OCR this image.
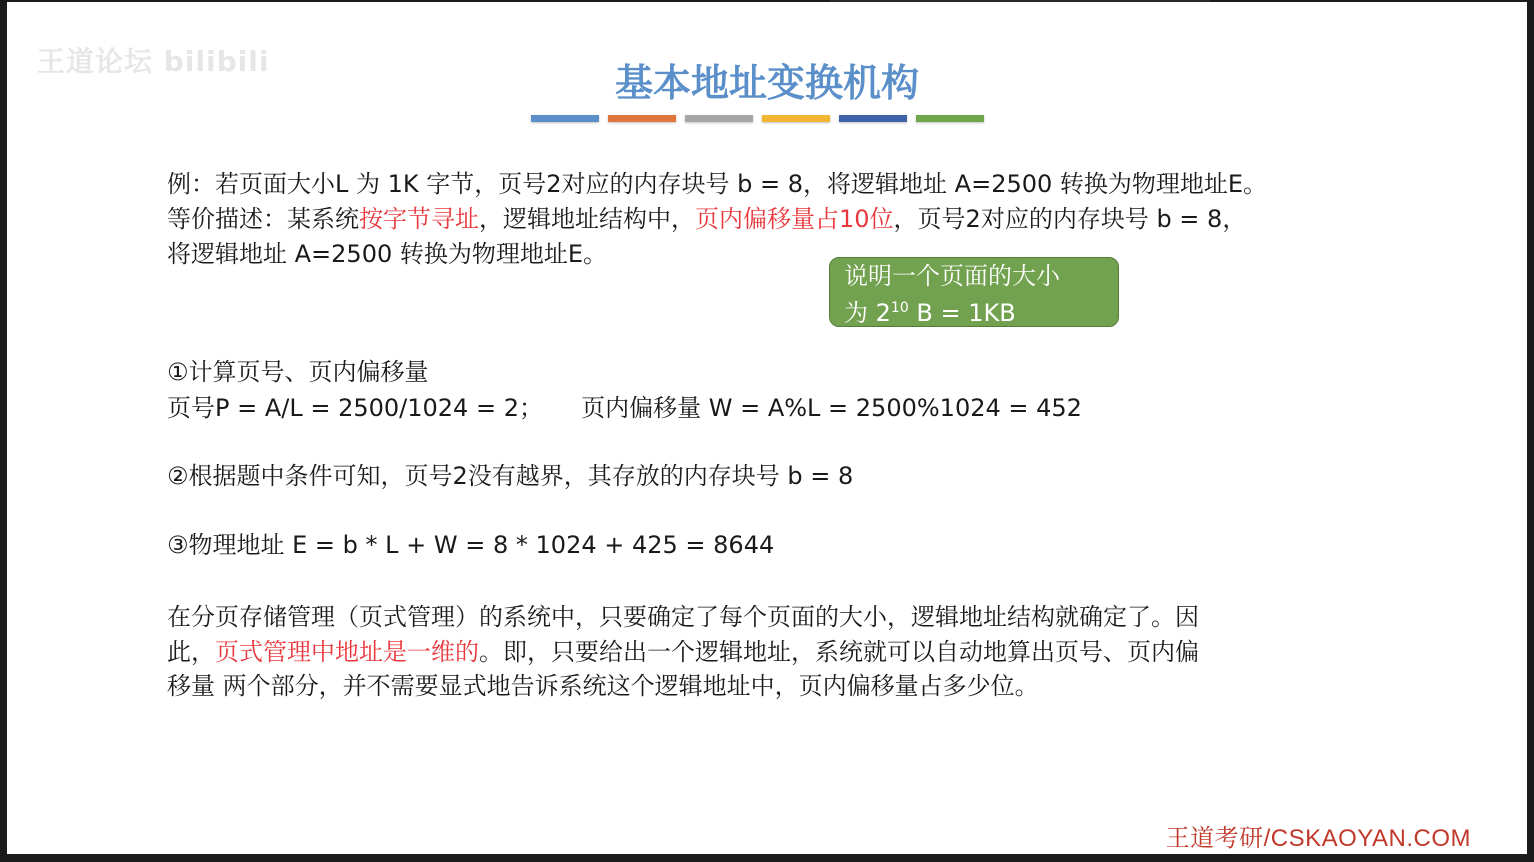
王道论坛 bilibili	基本地址变换机构
例：若页面大小L 为 1K 字节，页号2对应的内存块号 b = 8，将逻辑地址 A=2500 转换为物理地址E。
等价描述：某系统按字节寻址，逻辑地址结构中，页内偏移量占10位，页号2对应的内存块号 b = 8，
将逻辑地址 A=2500 转换为物理地址E。
说明一个页面的大小
为 $2^{10}$ B = 1KB
①计算页号、页内偏移量
页号P = A/L = 2500/1024 = 2；     页内偏移量 W = A%L = 2500%1024 = 452
②根据题中条件可知，页号2没有越界，其存放的内存块号 b = 8
③物理地址 E = b * L + W = 8 * 1024 + 425 = 8644
在分页存储管理（页式管理）的系统中，只要确定了每个页面的大小，逻辑地址结构就确定了。因
此，页式管理中地址是一维的。即，只要给出一个逻辑地址，系统就可以自动地算出页号、页内偏
移量 两个部分，并不需要显式地告诉系统这个逻辑地址中，页内偏移量占多少位。
王道考研/CSKAOYAN.COM
